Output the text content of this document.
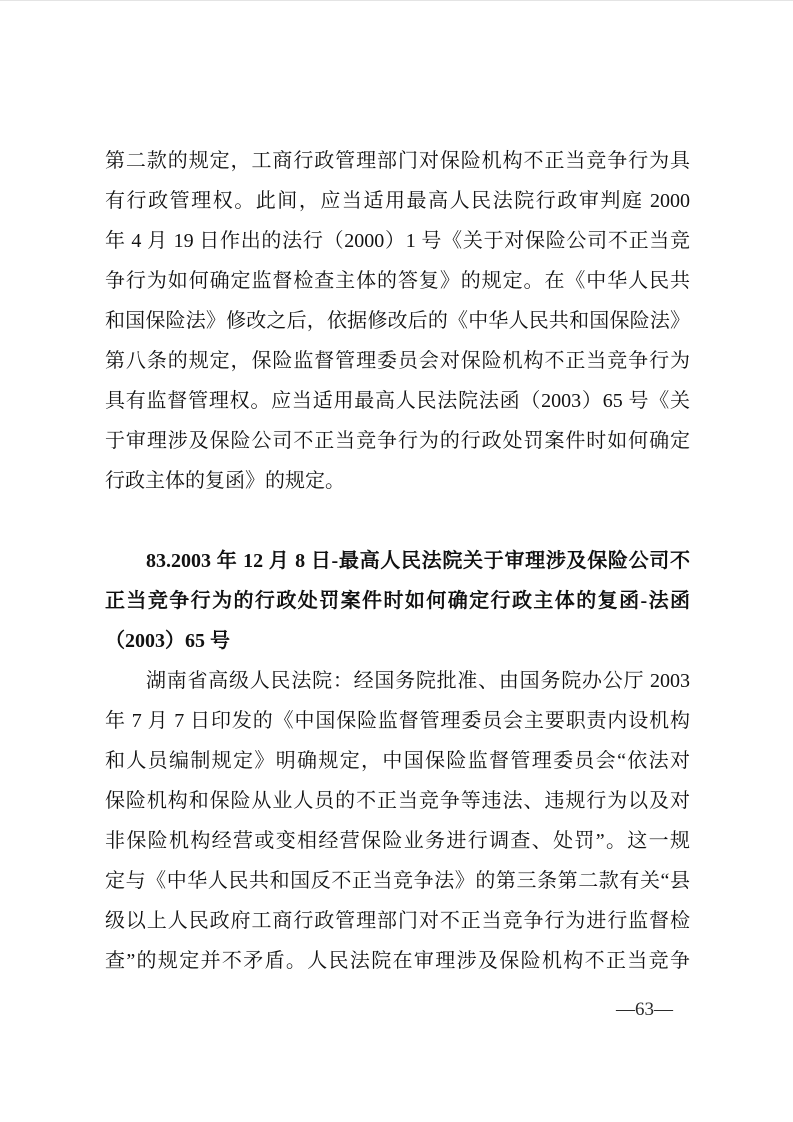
第二款的规定，工商行政管理部门对保险机构不正当竞争行为具
有行政管理权。此间，应当适用最高人民法院行政审判庭 2000
年 4 月 19 日作出的法行（2000）1 号《关于对保险公司不正当竞
争行为如何确定监督检查主体的答复》的规定。在《中华人民共
和国保险法》修改之后，依据修改后的《中华人民共和国保险法》
第八条的规定，保险监督管理委员会对保险机构不正当竞争行为
具有监督管理权。应当适用最高人民法院法函（2003）65 号《关
于审理涉及保险公司不正当竞争行为的行政处罚案件时如何确定
行政主体的复函》的规定。
83.2003 年 12 月 8 日-最高人民法院关于审理涉及保险公司不
正当竞争行为的行政处罚案件时如何确定行政主体的复函-法函
（2003）65 号
湖南省高级人民法院：经国务院批准、由国务院办公厅 2003
年 7 月 7 日印发的《中国保险监督管理委员会主要职责内设机构
和人员编制规定》明确规定，中国保险监督管理委员会“依法对
保险机构和保险从业人员的不正当竞争等违法、违规行为以及对
非保险机构经营或变相经营保险业务进行调查、处罚”。这一规
定与《中华人民共和国反不正当竞争法》的第三条第二款有关“县
级以上人民政府工商行政管理部门对不正当竞争行为进行监督检
查”的规定并不矛盾。人民法院在审理涉及保险机构不正当竞争
—63—
